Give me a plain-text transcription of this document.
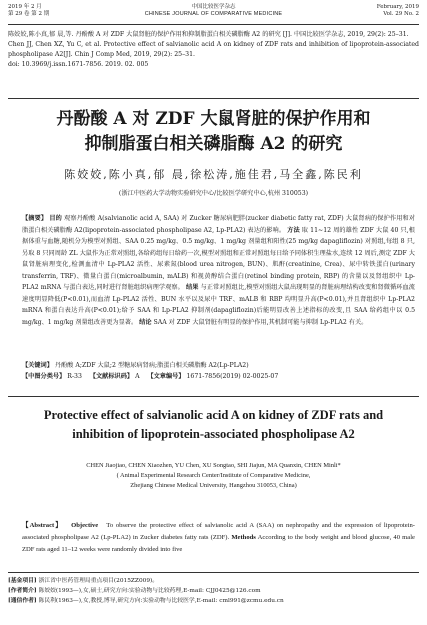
2019 年 2 月
第 29 卷 第 2 期
中国比较医学杂志
CHINESE JOURNAL OF COMPARATIVE MEDICINE
February, 2019
Vol. 29 No. 2

陈姣姣,陈小真,郁 晨,等. 丹酚酸 A 对 ZDF 大鼠肾脏的保护作用和抑制脂蛋白相关磷脂酶 A2 的研究 [J]. 中国比较医学杂志, 2019, 29(2): 25–31.

Chen JJ, Chen XZ, Yu C, et al. Protective effect of salvianolic acid A on kidney of ZDF rats and inhibition of lipoprotein-associated phospholipase A2[J]. Chin J Comp Med, 2019, 29(2): 25–31.

doi: 10.3969/j.issn.1671-7856. 2019. 02. 005

丹酚酸 A 对 ZDF 大鼠肾脏的保护作用和
抑制脂蛋白相关磷脂酶 A2 的研究
陈姣姣,陈小真,郁 晨,徐松涛,施佳君,马全鑫,陈民利
(浙江中医药大学动物实验研究中心/比较医学研究中心,杭州 310053)

【摘要】 目的 观察丹酚酸 A(salvianolic acid A, SAA) 对 Zucker 糖尿病肥胖(zucker diabetic fatty rat, ZDF) 大鼠肾病的保护作用和对脂蛋白相关磷脂酶 A2(lipoprotein-associated phospholipase A2, Lp-PLA2) 表达的影响。 方法 取 11~12 周的雄性 ZDF 大鼠 40 只,根据体重与血糖,随机分为模型对照组、SAA 0.25 mg/kg、0.5 mg/kg、1 mg/kg 剂量组和阳性(25 mg/kg dapagliflozin) 对照组,每组 8 只,另取 8 只同周龄 ZL 大鼠作为正常对照组,各给药组每日给药一次,模型对照组和正常对照组每日给予同体积生理盐水,连续 12 周后,测定 ZDF 大鼠肾脏病理变化,检测血清中 Lp-PLA2 活性、尿素氮(blood urea nitrogen, BUN)、肌酐(creatinine, Crea)、尿中转铁蛋白(urinary transferrin, TRF)、微量白蛋白(microalbumin, mALB) 和视黄醇结合蛋白(retinol binding protein, RBP) 的含量以及肾组织中 Lp-PLA2 mRNA 与蛋白表达,同时进行肾脏组织病理学观察。 结果 与正常对照组比,模型对照组大鼠出现明显的肾脏病理结构改变和肾微循环血流速度明显降低(P<0.01),而血清 Lp-PLA2 活性、BUN 水平以及尿中 TRF、mALB 和 RBP 均明显升高(P<0.01),并且肾组织中 Lp-PLA2 mRNA 和蛋白表达升高(P<0.01);给予 SAA 和 Lp-PLA2 抑制剂(dapagliflozin)后能明显改善上述指标的改变,且 SAA 给药组中以 0.5 mg/kg、1 mg/kg 剂量组改善更为显著。 结论 SAA 对 ZDF 大鼠肾脏有明显的保护作用,其机制可能与抑制 Lp-PLA2 有关。

【关键词】 丹酚酸 A;ZDF 大鼠;2 型糖尿病肾病;脂蛋白相关磷脂酶 A2(Lp-PLA2)

【中图分类号】 R-33 【文献标识码】 A 【文章编号】 1671-7856(2019) 02-0025-07

Protective effect of salvianolic acid A on kidney of ZDF rats and
inhibition of lipoprotein-associated phospholipase A2
CHEN Jiaojiao, CHEN Xiaozhen, YU Chen, XU Songtao, SHI Jiajun, MA Quanxin, CHEN Minli*
( Animal Experimental Research Center/Institute of Comparative Medicine,
Zhejiang Chinese Medical University, Hangzhou 310053, China)

【Abstract】 Objective To observe the protective effect of salvianolic acid A (SAA) on nephropathy and the expression of lipoprotein-associated phospholipase A2 (Lp-PLA2) in Zucker diabetes fatty rats (ZDF). Methods According to the body weight and blood glucose, 40 male ZDF rats aged 11–12 weeks were randomly divided into five

[基金项目] 浙江省中医药管理局重点项目(2015ZZ009)。

[作者简介] 陈姣姣(1993—),女,硕士,研究方向:实验动物与比较药理,E-mail: CJJ0425@126.com

[通信作者] 陈民利(1963—),女,教授,博导,研究方向:实验动物与比较医学,E-mail: cml991@zcmu.edu.cn
